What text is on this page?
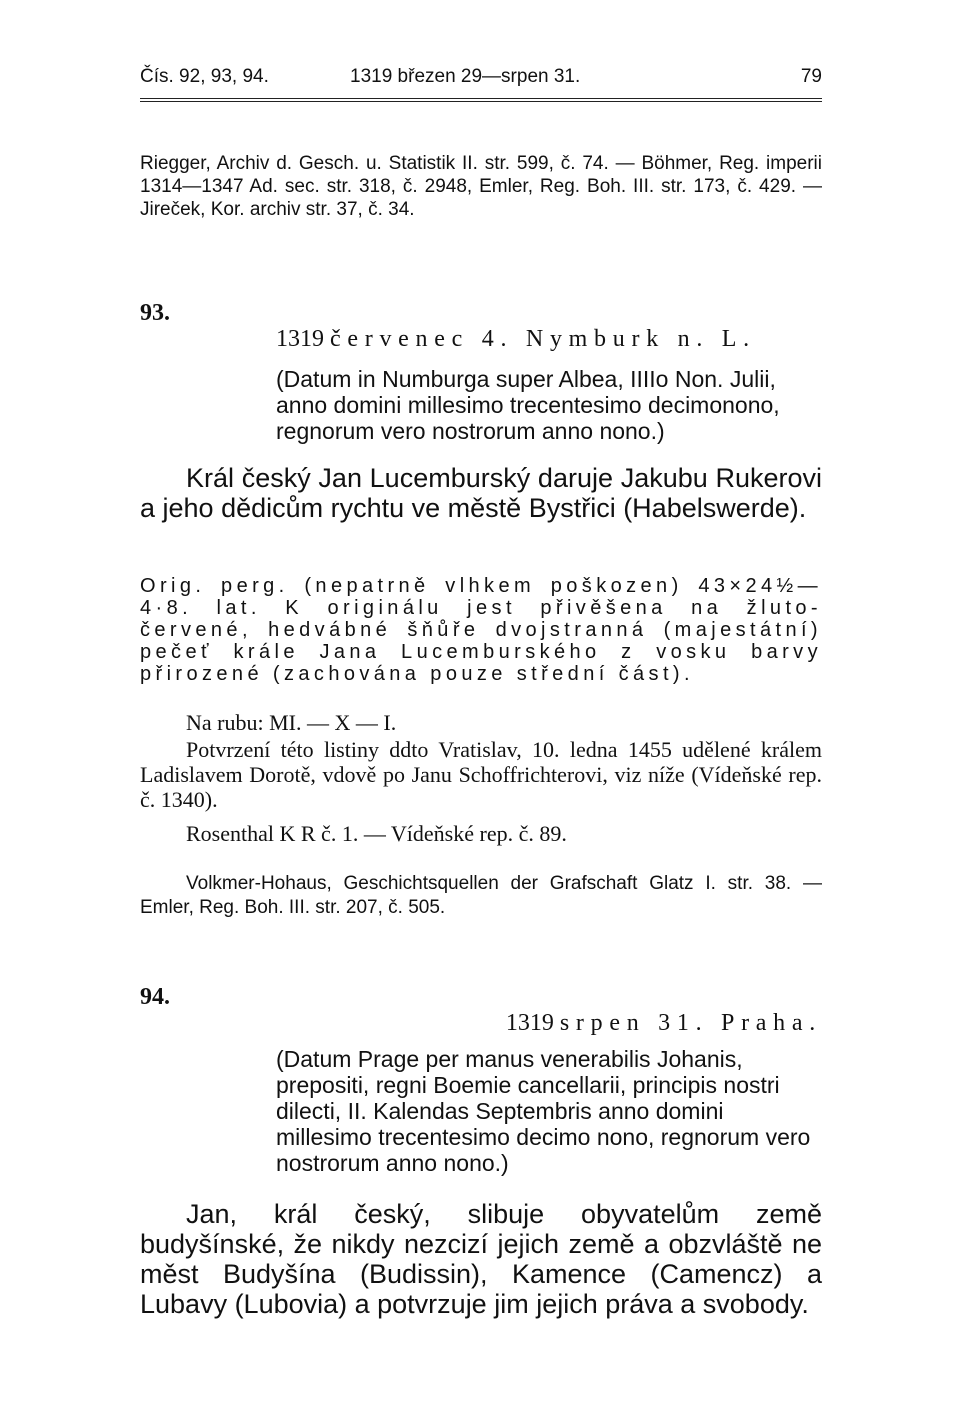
Čís. 92, 93, 94.	1319 březen 29—srpen 31.	79

Riegger, Archiv d. Gesch. u. Statistik II. str. 599, č. 74. — Böhmer, Reg. imperii 1314—1347 Ad. sec. str. 318, č. 2948, Emler, Reg. Boh. III. str. 173, č. 429. — Jireček, Kor. archiv str. 37, č. 34.

93.
1319 červenec 4. Nymburk n. L.

(Datum in Numburga super Albea, IIIIo Non. Julii, anno domini millesimo trecentesimo decimonono, regnorum vero nostrorum anno nono.)

Král český Jan Lucemburský daruje Jakubu Rukerovi a jeho dědicům rychtu ve městě Bystřici (Habelswerde).

Orig. perg. (nepatrně vlhkem poškozen) 43×24½—4·8. lat. K originálu jest přivěšena na žluto-červené, hedvábné šňůře dvojstranná (majestátní) pečeť krále Jana Lucemburského z vosku barvy přirozené (zachována pouze střední část).

Na rubu: MI. — X — I.

Potvrzení této listiny ddto Vratislav, 10. ledna 1455 udělené králem Ladislavem Dorotě, vdově po Janu Schoffrichterovi, viz níže (Vídeňské rep. č. 1340).

Rosenthal K R č. 1. — Vídeňské rep. č. 89.

Volkmer-Hohaus, Geschichtsquellen der Grafschaft Glatz I. str. 38. — Emler, Reg. Boh. III. str. 207, č. 505.

94.
1319 srpen 31. Praha.

(Datum Prage per manus venerabilis Johanis, prepositi, regni Boemie cancellarii, principis nostri dilecti, II. Kalendas Septembris anno domini millesimo trecentesimo decimo nono, regnorum vero nostrorum anno nono.)

Jan, král český, slibuje obyvatelům země budyšínské, že nikdy nezcizí jejich země a obzvláště ne měst Budyšína (Budissin), Kamence (Camencz) a Lubavy (Lubovia) a potvrzuje jim jejich práva a svobody.
